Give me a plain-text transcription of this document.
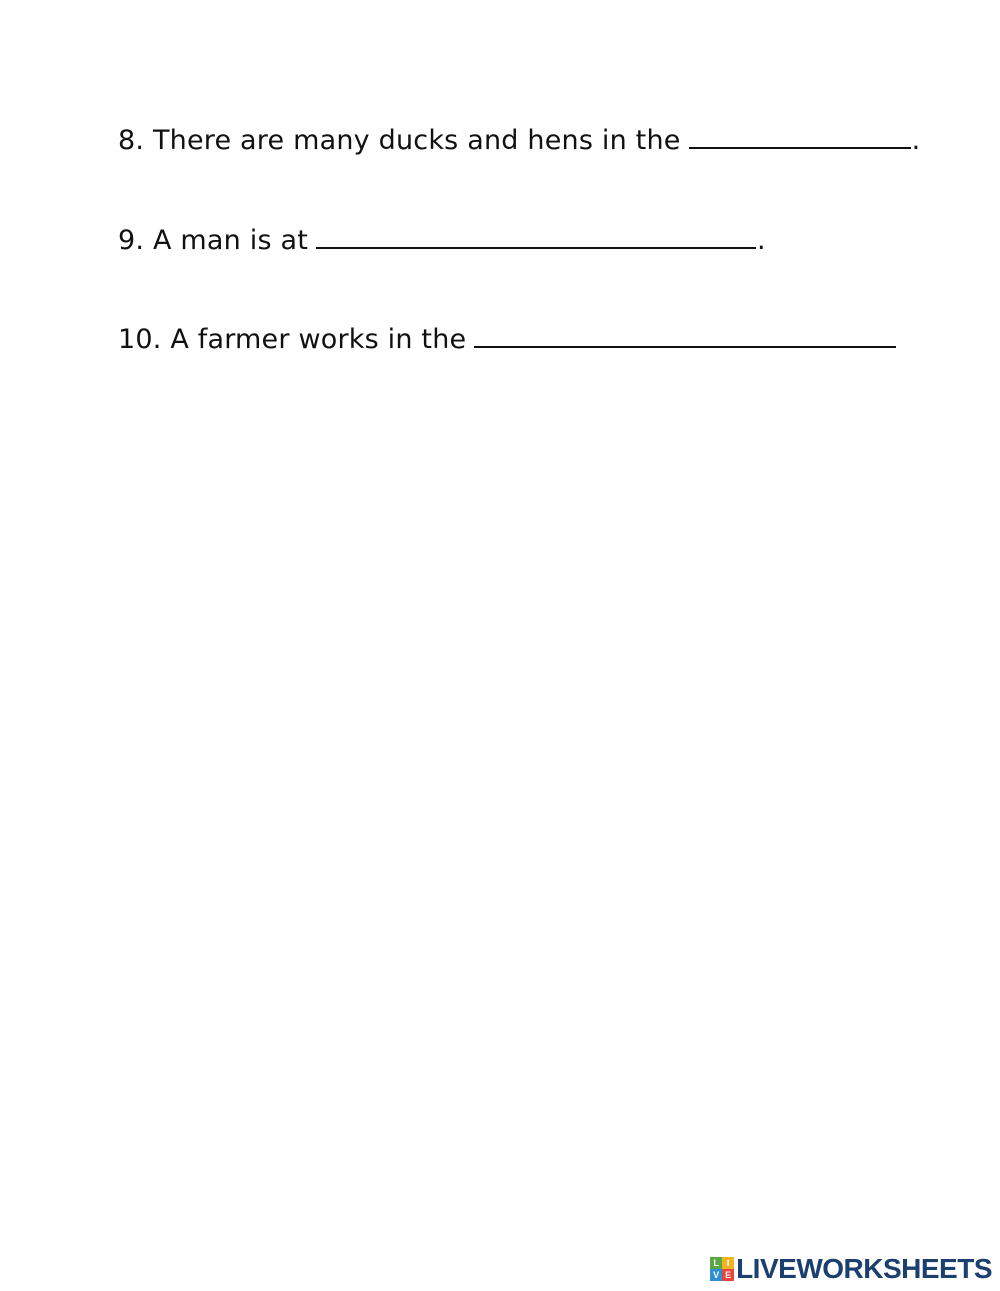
8. There are many ducks and hens in the	.
9. A man is at	.
10. A farmer works in the
L I
V E LIVEWORKSHEETS
